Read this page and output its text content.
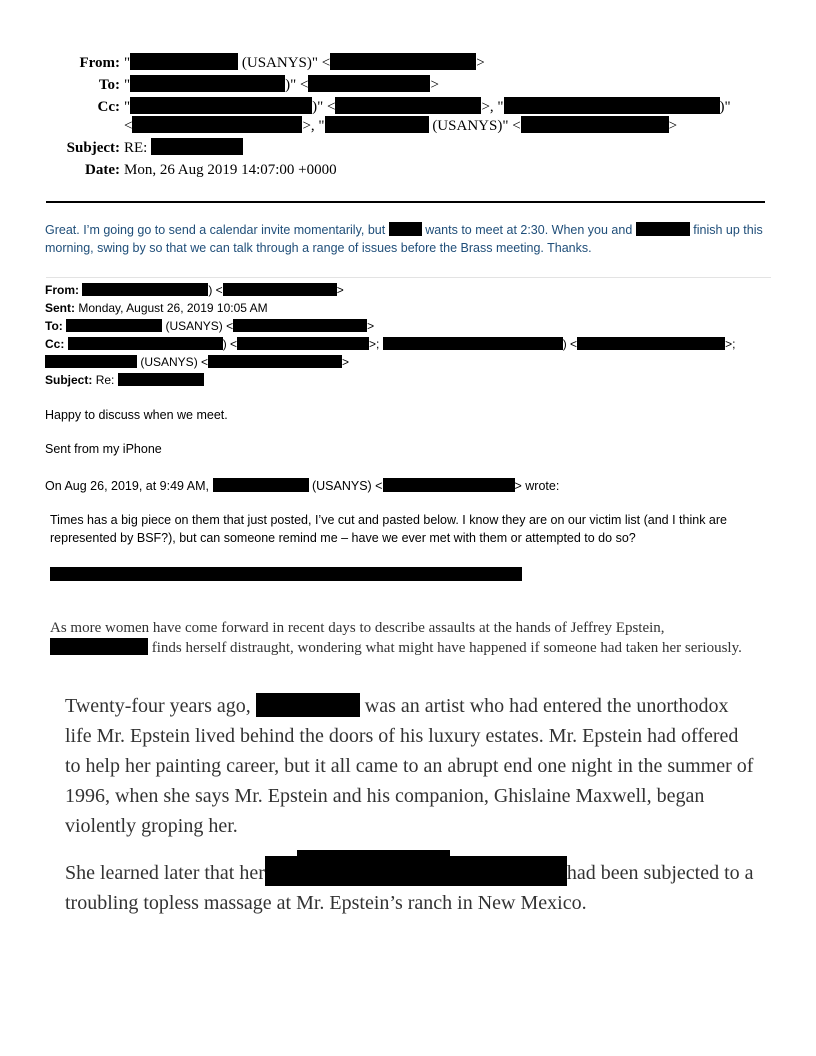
From: "	(USANYS)" <	>
To: "	)" <	>
Cc: "	)" <	>, "	)"
<	>, "	(USANYS)" <	>
Subject: RE:
Date: Mon, 26 Aug 2019 14:07:00 +0000
Great. I’m going go to send a calendar invite momentarily, but	wants to meet at 2:30. When you and	finish up this morning, swing by so that we can talk through a range of issues before the Brass meeting. Thanks.
From:	) <	>
Sent: Monday, August 26, 2019 10:05 AM
To:	(USANYS) <	>
Cc:	) <	>;	) <	>;
(USANYS) <	>
Subject: Re:
Happy to discuss when we meet.
Sent from my iPhone
On Aug 26, 2019, at 9:49 AM,	(USANYS) <	> wrote:
Times has a big piece on them that just posted, I’ve cut and pasted below. I know they are on our victim list (and I think are represented by BSF?), but can someone remind me – have we ever met with them or attempted to do so?
As more women have come forward in recent days to describe assaults at the hands of Jeffrey Epstein,  finds herself distraught, wondering what might have happened if someone had taken her seriously.
Twenty-four years ago,	was an artist who had entered the unorthodox life Mr. Epstein lived behind the doors of his luxury estates. Mr. Epstein had offered to help her painting career, but it all came to an abrupt end one night in the summer of 1996, when she says Mr. Epstein and his companion, Ghislaine Maxwell, began violently groping her.
She learned later that her	had been subjected to a troubling topless massage at Mr. Epstein’s ranch in New Mexico.
